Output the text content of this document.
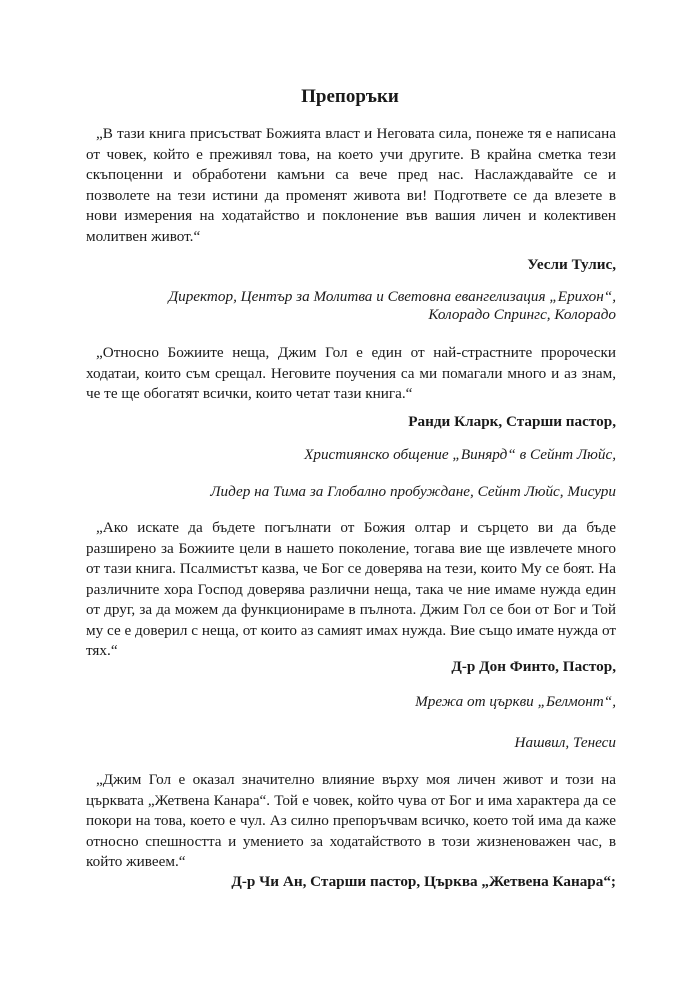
Препоръки
„В тази книга присъстват Божията власт и Неговата сила, понеже тя е написана от човек, който е преживял това, на което учи другите. В крайна сметка тези скъпоценни и обработени камъни са вече пред нас. Наслаждавайте се и позволете на тези истини да променят живота ви! Подгответе се да влезете в нови измерения на ходатайство и поклонение във вашия личен и колективен молитвен живот.“
Уесли Тулис,
Директор, Център за Молитва и Световна евангелизация „Ерихон“,
Колорадо Спрингс, Колорадо
„Относно Божиите неща, Джим Гол е един от най-страстните пророчески ходатаи, които съм срещал. Неговите поучения са ми помагали много и аз знам, че те ще обогатят всички, които четат тази книга.“
Ранди Кларк, Старши пастор,
Християнско общение „Винярд“ в Сейнт Люйс,
Лидер на Тима за Глобално пробуждане, Сейнт Люйс, Мисури
„Ако искате да бъдете погълнати от Божия олтар и сърцето ви да бъде разширено за Божиите цели в нашето поколение, тогава вие ще извлечете много от тази книга. Псалмистът казва, че Бог се доверява на тези, които Му се боят. На различните хора Господ доверява различни неща, така че ние имаме нужда един от друг, за да можем да функционираме в пълнота. Джим Гол се бои от Бог и Той му се е доверил с неща, от които аз самият имах нужда. Вие също имате нужда от тях.“
Д-р Дон Финто, Пастор,
Мрежа от църкви „Белмонт“,
Нашвил, Тенеси
„Джим Гол е оказал значително влияние върху моя личен живот и този на църквата „Жетвена Канара“. Той е човек, който чува от Бог и има характера да се покори на това, което е чул. Аз силно препоръчвам всичко, което той има да каже относно спешността и умението за ходатайството в този жизненоважен час, в който живеем.“
Д-р Чи Ан, Старши пастор, Църква „Жетвена Канара“;
